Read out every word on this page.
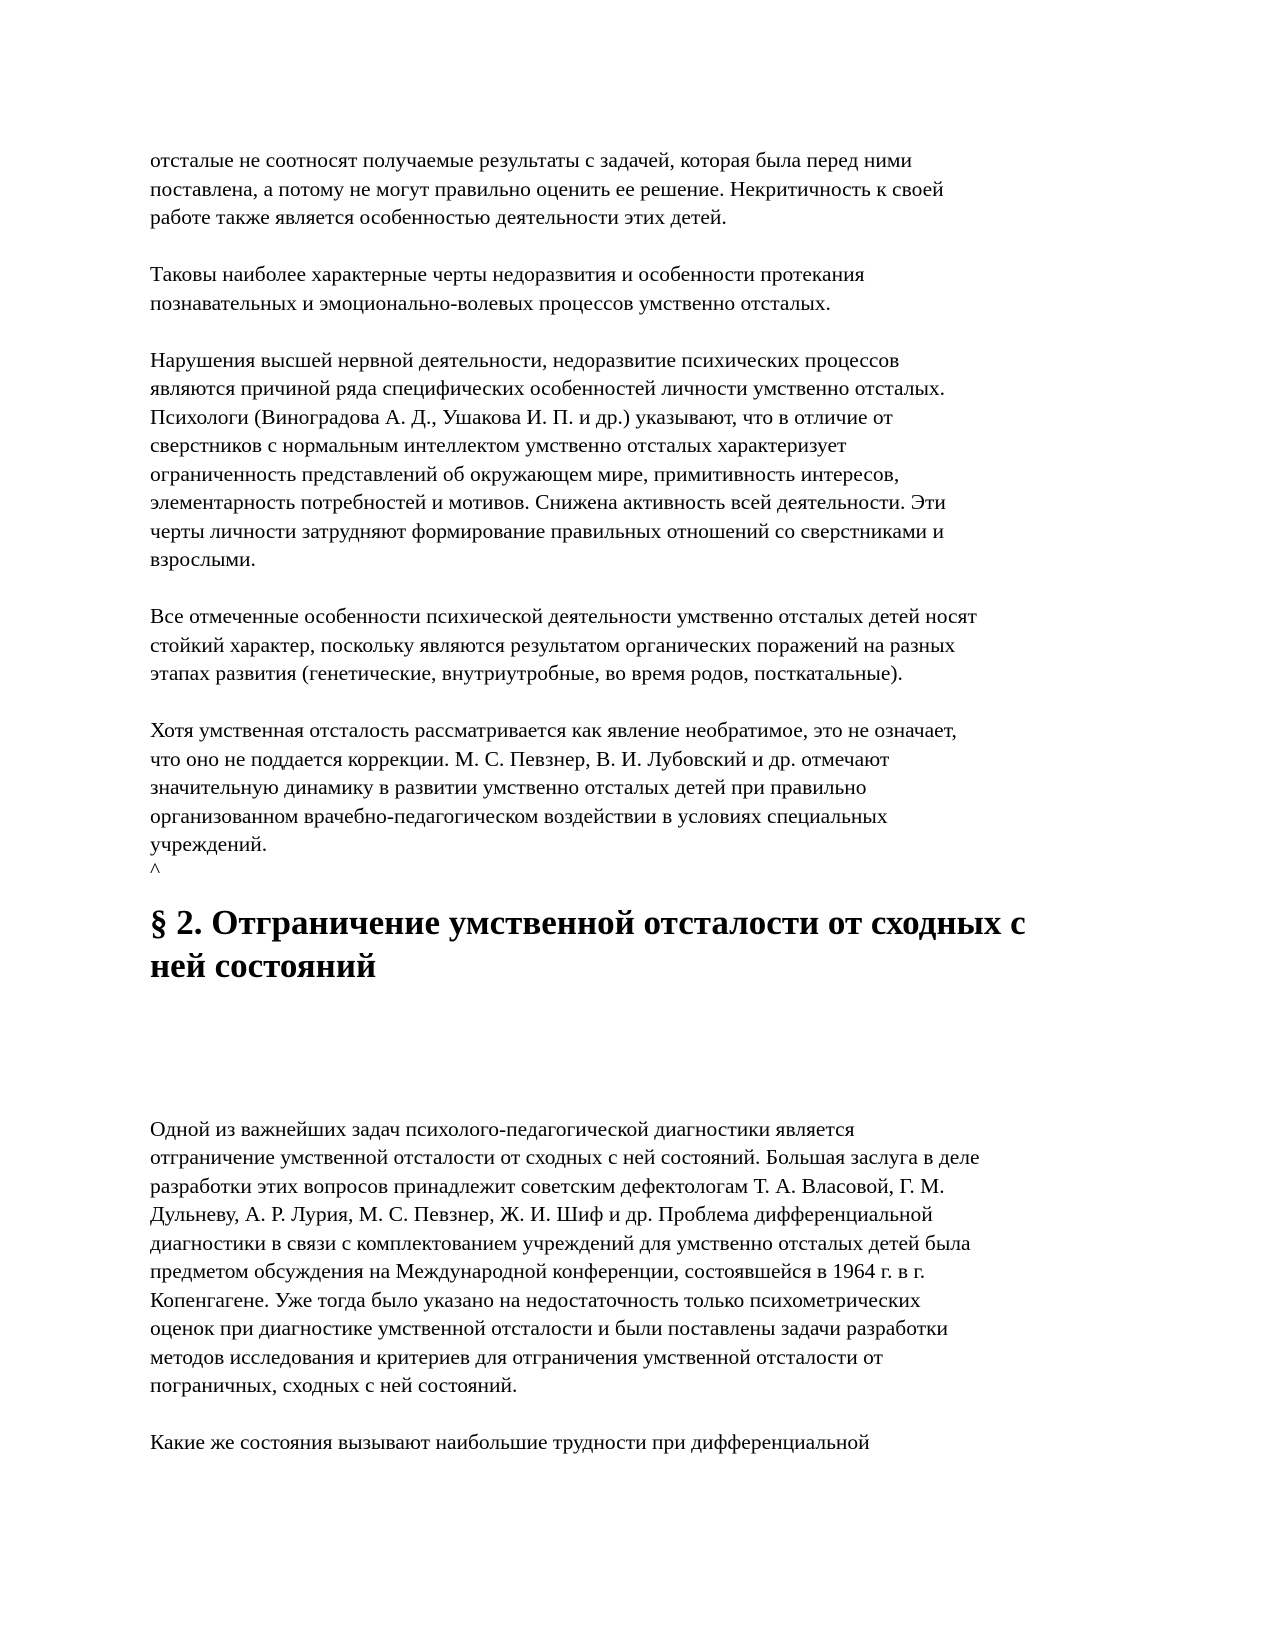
отсталые не соотносят получаемые результаты с задачей, которая была перед ними
поставлена, а потому не могут правильно оценить ее решение. Некритичность к своей
работе также является особенностью деятельности этих детей.

Таковы наиболее характерные черты недоразвития и особенности протекания
познавательных и эмоционально-волевых процессов умственно отсталых.

Нарушения высшей нервной деятельности, недоразвитие психических процессов
являются причиной ряда специфических особенностей личности умственно отсталых.
Психологи (Виноградова А. Д., Ушакова И. П. и др.) указывают, что в отличие от
сверстников с нормальным интеллектом умственно отсталых характеризует
ограниченность представлений об окружающем мире, примитивность интересов,
элементарность потребностей и мотивов. Снижена активность всей деятельности. Эти
черты личности затрудняют формирование правильных отношений со сверстниками и
взрослыми.

Все отмеченные особенности психической деятельности умственно отсталых детей носят
стойкий характер, поскольку являются результатом органических поражений на разных
этапах развития (генетические, внутриутробные, во время родов, посткатальные).

Хотя умственная отсталость рассматривается как явление необратимое, это не означает,
что оно не поддается коррекции. М. С. Певзнер, В. И. Лубовский и др. отмечают
значительную динамику в развитии умственно отсталых детей при правильно
организованном врачебно-педагогическом воздействии в условиях специальных
учреждений.

^

§ 2. Отграничение умственной отсталости от сходных с
ней состояний

Одной из важнейших задач психолого-педагогической диагностики является
отграничение умственной отсталости от сходных с ней состояний. Большая заслуга в деле
разработки этих вопросов принадлежит советским дефектологам Т. А. Власовой, Г. М.
Дульневу, А. Р. Лурия, М. С. Певзнер, Ж. И. Шиф и др. Проблема дифференциальной
диагностики в связи с комплектованием учреждений для умственно отсталых детей была
предметом обсуждения на Международной конференции, состоявшейся в 1964 г. в г.
Копенгагене. Уже тогда было указано на недостаточность только психометрических
оценок при диагностике умственной отсталости и были поставлены задачи разработки
методов исследования и критериев для отграничения умственной отсталости от
пограничных, сходных с ней состояний.

Какие же состояния вызывают наибольшие трудности при дифференциальной
